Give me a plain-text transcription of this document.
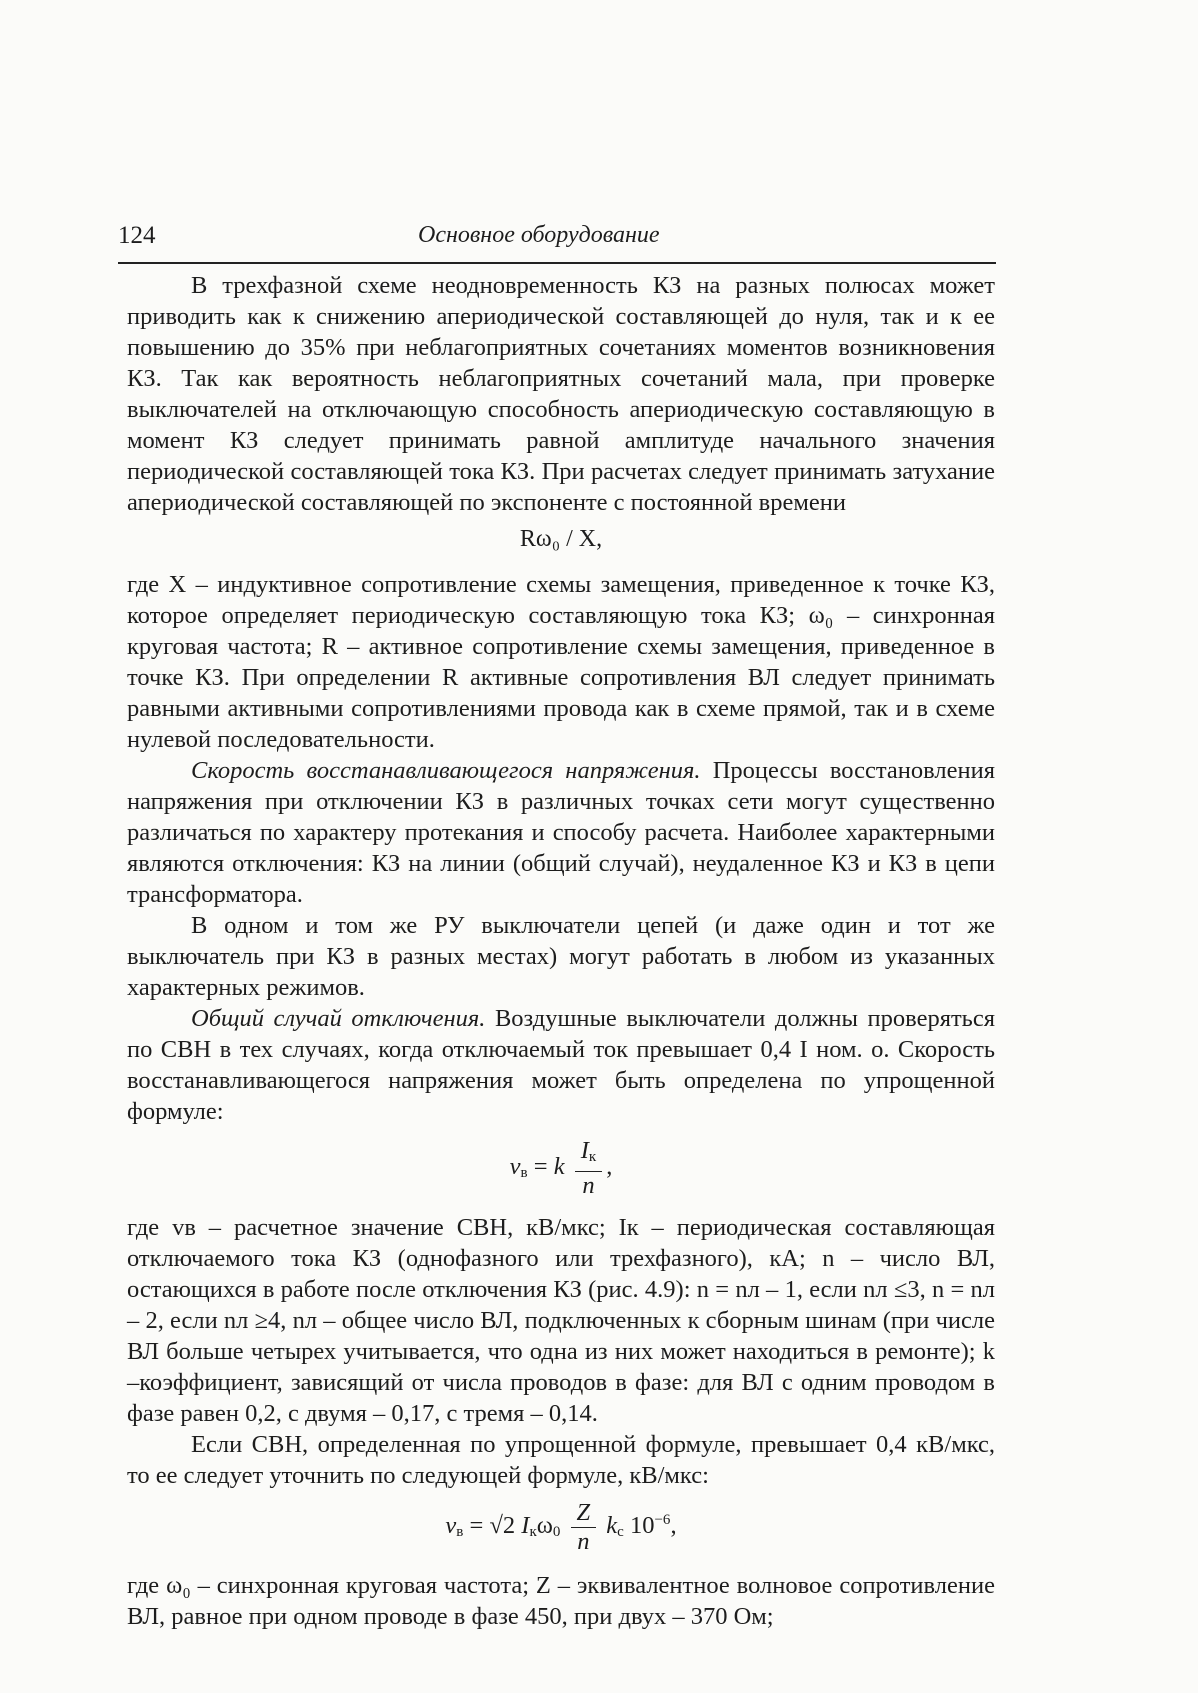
124	Основное оборудование

В трехфазной схеме неодновременность КЗ на разных полюсах может приводить как к снижению апериодической составляющей до нуля, так и к ее повышению до 35% при неблагоприятных сочетаниях моментов возникновения КЗ. Так как вероятность неблагоприятных сочетаний мала, при проверке выключателей на отключающую способность апериодическую составляющую в момент КЗ следует принимать равной амплитуде начального значения периодической составляющей тока КЗ. При расчетах следует принимать затухание апериодической составляющей по экспоненте с постоянной времени

Rω₀ / X,

где X – индуктивное сопротивление схемы замещения, приведенное к точке КЗ, которое определяет периодическую составляющую тока КЗ; ω₀ – синхронная круговая частота; R – активное сопротивление схемы замещения, приведенное в точке КЗ. При определении R активные сопротивления ВЛ следует принимать равными активными сопротивлениями провода как в схеме прямой, так и в схеме нулевой последовательности.

Скорость восстанавливающегося напряжения. Процессы восстановления напряжения при отключении КЗ в различных точках сети могут существенно различаться по характеру протекания и способу расчета. Наиболее характерными являются отключения: КЗ на линии (общий случай), неудаленное КЗ и КЗ в цепи трансформатора.

В одном и том же РУ выключатели цепей (и даже один и тот же выключатель при КЗ в разных местах) могут работать в любом из указанных характерных режимов.

Общий случай отключения. Воздушные выключатели должны проверяться по СВН в тех случаях, когда отключаемый ток превышает 0,4 I ном. о. Скорость восстанавливающегося напряжения может быть определена по упрощенной формуле:

$v_в = k \frac{I_к}{n}$ ,

где vв – расчетное значение СВН, кВ/мкс; Iк – периодическая составляющая отключаемого тока КЗ (однофазного или трехфазного), кА; n – число ВЛ, остающихся в работе после отключения КЗ (рис. 4.9): n = nл – 1, если nл ≤3, n = nл – 2, если nл ≥4, nл – общее число ВЛ, подключенных к сборным шинам (при числе ВЛ больше четырех учитывается, что одна из них может находиться в ремонте); k –коэффициент, зависящий от числа проводов в фазе: для ВЛ с одним проводом в фазе равен 0,2, с двумя – 0,17, с тремя – 0,14.

Если СВН, определенная по упрощенной формуле, превышает 0,4 кВ/мкс, то ее следует уточнить по следующей формуле, кВ/мкс:

$v_в = √2$ $I_к\omega_0 \frac{Z}{n} k_с$ $10^{-6}$,

где ω₀ – синхронная круговая частота; Z – эквивалентное волновое сопротивление ВЛ, равное при одном проводе в фазе 450, при двух – 370 Ом;
